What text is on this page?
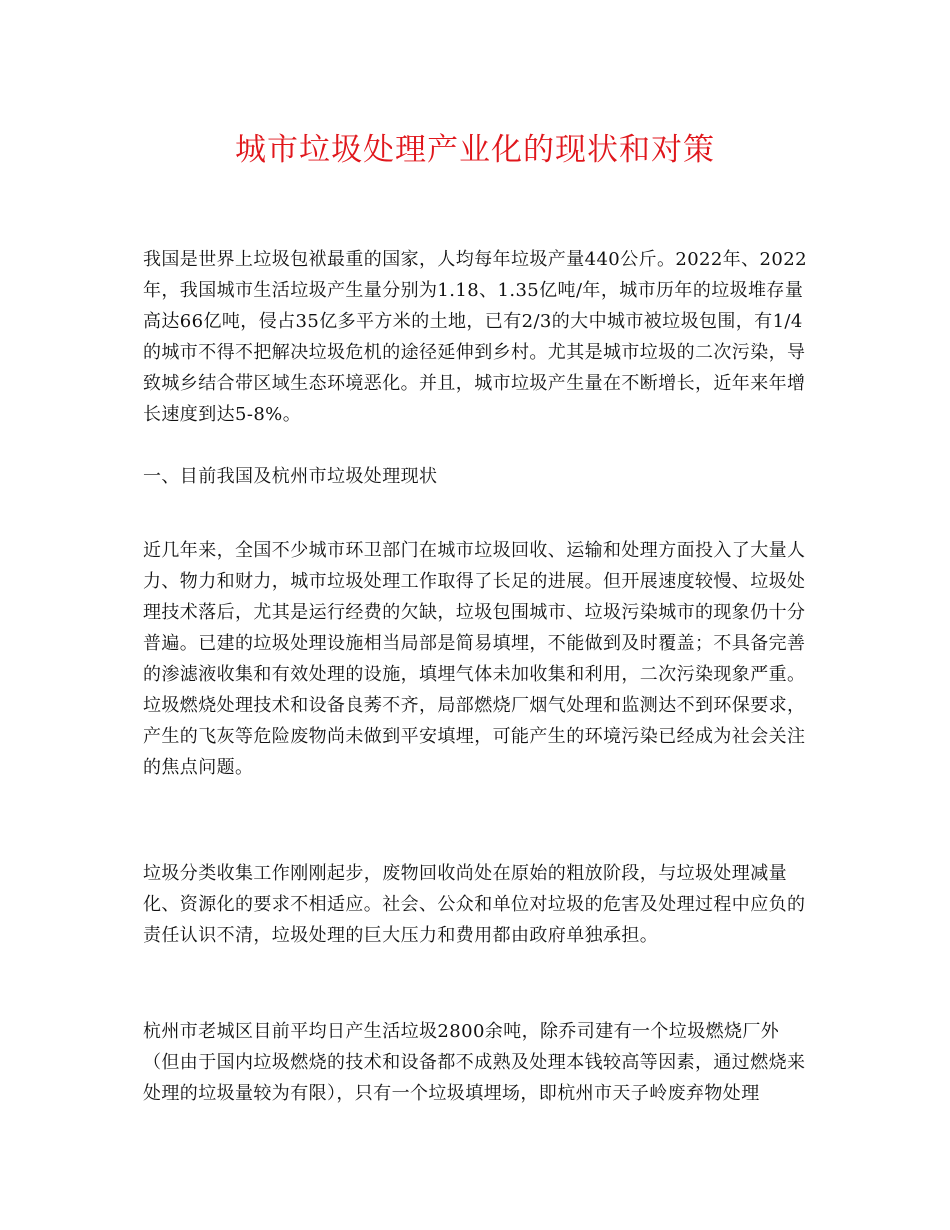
城市垃圾处理产业化的现状和对策

我国是世界上垃圾包袱最重的国家，人均每年垃圾产量440公斤。2022年、2022年，我国城市生活垃圾产生量分别为1.18、1.35亿吨/年，城市历年的垃圾堆存量高达66亿吨，侵占35亿多平方米的土地，已有2/3的大中城市被垃圾包围，有1/4的城市不得不把解决垃圾危机的途径延伸到乡村。尤其是城市垃圾的二次污染，导致城乡结合带区域生态环境恶化。并且，城市垃圾产生量在不断增长，近年来年增长速度到达5-8%。

一、目前我国及杭州市垃圾处理现状

近几年来，全国不少城市环卫部门在城市垃圾回收、运输和处理方面投入了大量人力、物力和财力，城市垃圾处理工作取得了长足的进展。但开展速度较慢、垃圾处理技术落后，尤其是运行经费的欠缺，垃圾包围城市、垃圾污染城市的现象仍十分普遍。已建的垃圾处理设施相当局部是简易填埋，不能做到及时覆盖；不具备完善的渗滤液收集和有效处理的设施，填埋气体未加收集和利用，二次污染现象严重。垃圾燃烧处理技术和设备良莠不齐，局部燃烧厂烟气处理和监测达不到环保要求，产生的飞灰等危险废物尚未做到平安填埋，可能产生的环境污染已经成为社会关注的焦点问题。

垃圾分类收集工作刚刚起步，废物回收尚处在原始的粗放阶段，与垃圾处理减量化、资源化的要求不相适应。社会、公众和单位对垃圾的危害及处理过程中应负的责任认识不清，垃圾处理的巨大压力和费用都由政府单独承担。

杭州市老城区目前平均日产生活垃圾2800余吨，除乔司建有一个垃圾燃烧厂外（但由于国内垃圾燃烧的技术和设备都不成熟及处理本钱较高等因素，通过燃烧来处理的垃圾量较为有限），只有一个垃圾填埋场，即杭州市天子岭废弃物处理
